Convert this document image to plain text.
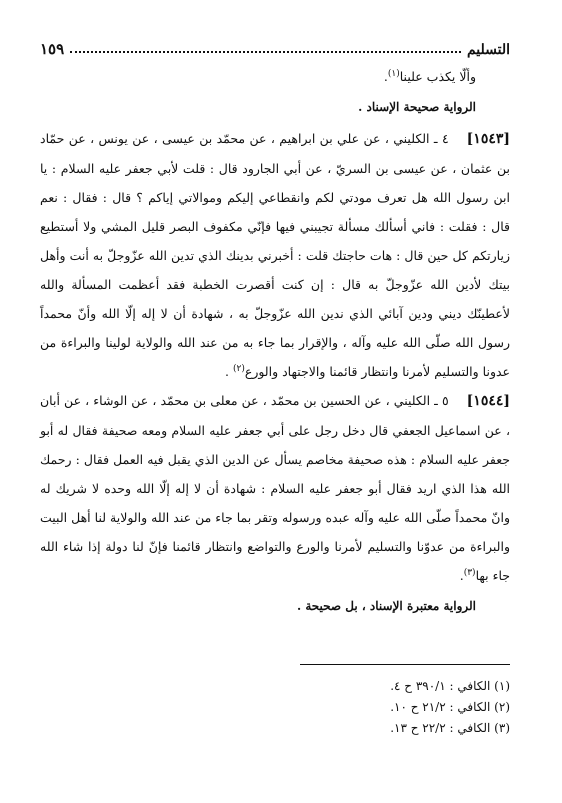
التسليم
١٥٩
وألّا يكذب علينا$^{(١)}$.
الرواية صحيحة الإسناد .

[١٥٤٣]٤ ـ الكليني ، عن علي بن ابراهيم ، عن محمّد بن عيسى ، عن يونس ، عن حمّاد بن عثمان ، عن عيسى بن السريّ ، عن أبي الجارود قال : قلت لأبي جعفر عليه السلام : يا ابن رسول الله هل تعرف مودتي لكم وانقطاعي إليكم وموالاتي إياكم ؟ قال : فقال : نعم قال : فقلت : فاني أسألك مسألة تجيبني فيها فإنّي مكفوف البصر قليل المشي ولا أستطيع زيارتكم كل حين قال : هات حاجتك قلت : أخبرني بدينك الذي تدين الله عزّوجلّ به أنت وأهل بيتك لأدين الله عزّوجلّ به قال : إن كنت أقصرت الخطبة فقد أعظمت المسألة والله لأعطينّك ديني ودين آبائي الذي ندين الله عزّوجلّ به ، شهادة أن لا إله إلّا الله وأنّ محمداً رسول الله صلّى الله عليه وآله ، والإقرار بما جاء به من عند الله والولاية لولينا والبراءة من عدونا والتسليم لأمرنا وانتظار قائمنا والاجتهاد والورع$^{(٢)}$ .

[١٥٤٤]٥ ـ الكليني ، عن الحسين بن محمّد ، عن معلى بن محمّد ، عن الوشاء ، عن أبان ، عن اسماعيل الجعفي قال دخل رجل على أبي جعفر عليه السلام ومعه صحيفة فقال له أبو جعفر عليه السلام : هذه صحيفة مخاصم يسأل عن الدين الذي يقبل فيه العمل فقال : رحمك الله هذا الذي اريد فقال أبو جعفر عليه السلام : شهادة أن لا إله إلّا الله وحده لا شريك له وانّ محمداً صلّى الله عليه وآله عبده ورسوله وتقر بما جاء من عند الله والولاية لنا أهل البيت والبراءة من عدوّنا والتسليم لأمرنا والورع والتواضع وانتظار قائمنا فإنّ لنا دولة إذا شاء الله جاء بها$^{(٣)}$.

الرواية معتبرة الإسناد ، بل صحيحة .
(١) الكافي : ٣٩٠/١ ح ٤.
(٢) الكافي : ٢١/٢ ح ١٠.
(٣) الكافي : ٢٢/٢ ح ١٣.
